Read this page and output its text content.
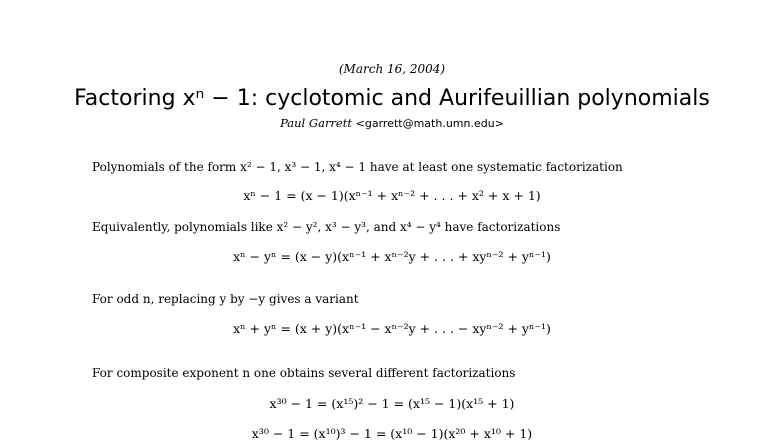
(March 16, 2004)
Factoring xⁿ − 1: cyclotomic and Aurifeuillian polynomials
Paul Garrett <garrett@math.umn.edu>
Polynomials of the form x² − 1, x³ − 1, x⁴ − 1 have at least one systematic factorization
xⁿ − 1 = (x − 1)(xⁿ⁻¹ + xⁿ⁻² + . . . + x² + x + 1)
Equivalently, polynomials like x² − y², x³ − y³, and x⁴ − y⁴ have factorizations
xⁿ − yⁿ = (x − y)(xⁿ⁻¹ + xⁿ⁻²y + . . . + xyⁿ⁻² + yⁿ⁻¹)
For odd n, replacing y by −y gives a variant
xⁿ + yⁿ = (x + y)(xⁿ⁻¹ − xⁿ⁻²y + . . . − xyⁿ⁻² + yⁿ⁻¹)
For composite exponent n one obtains several different factorizations
x³⁰ − 1 = (x¹⁵)² − 1 = (x¹⁵ − 1)(x¹⁵ + 1)
x³⁰ − 1 = (x¹⁰)³ − 1 = (x¹⁰ − 1)(x²⁰ + x¹⁰ + 1)
